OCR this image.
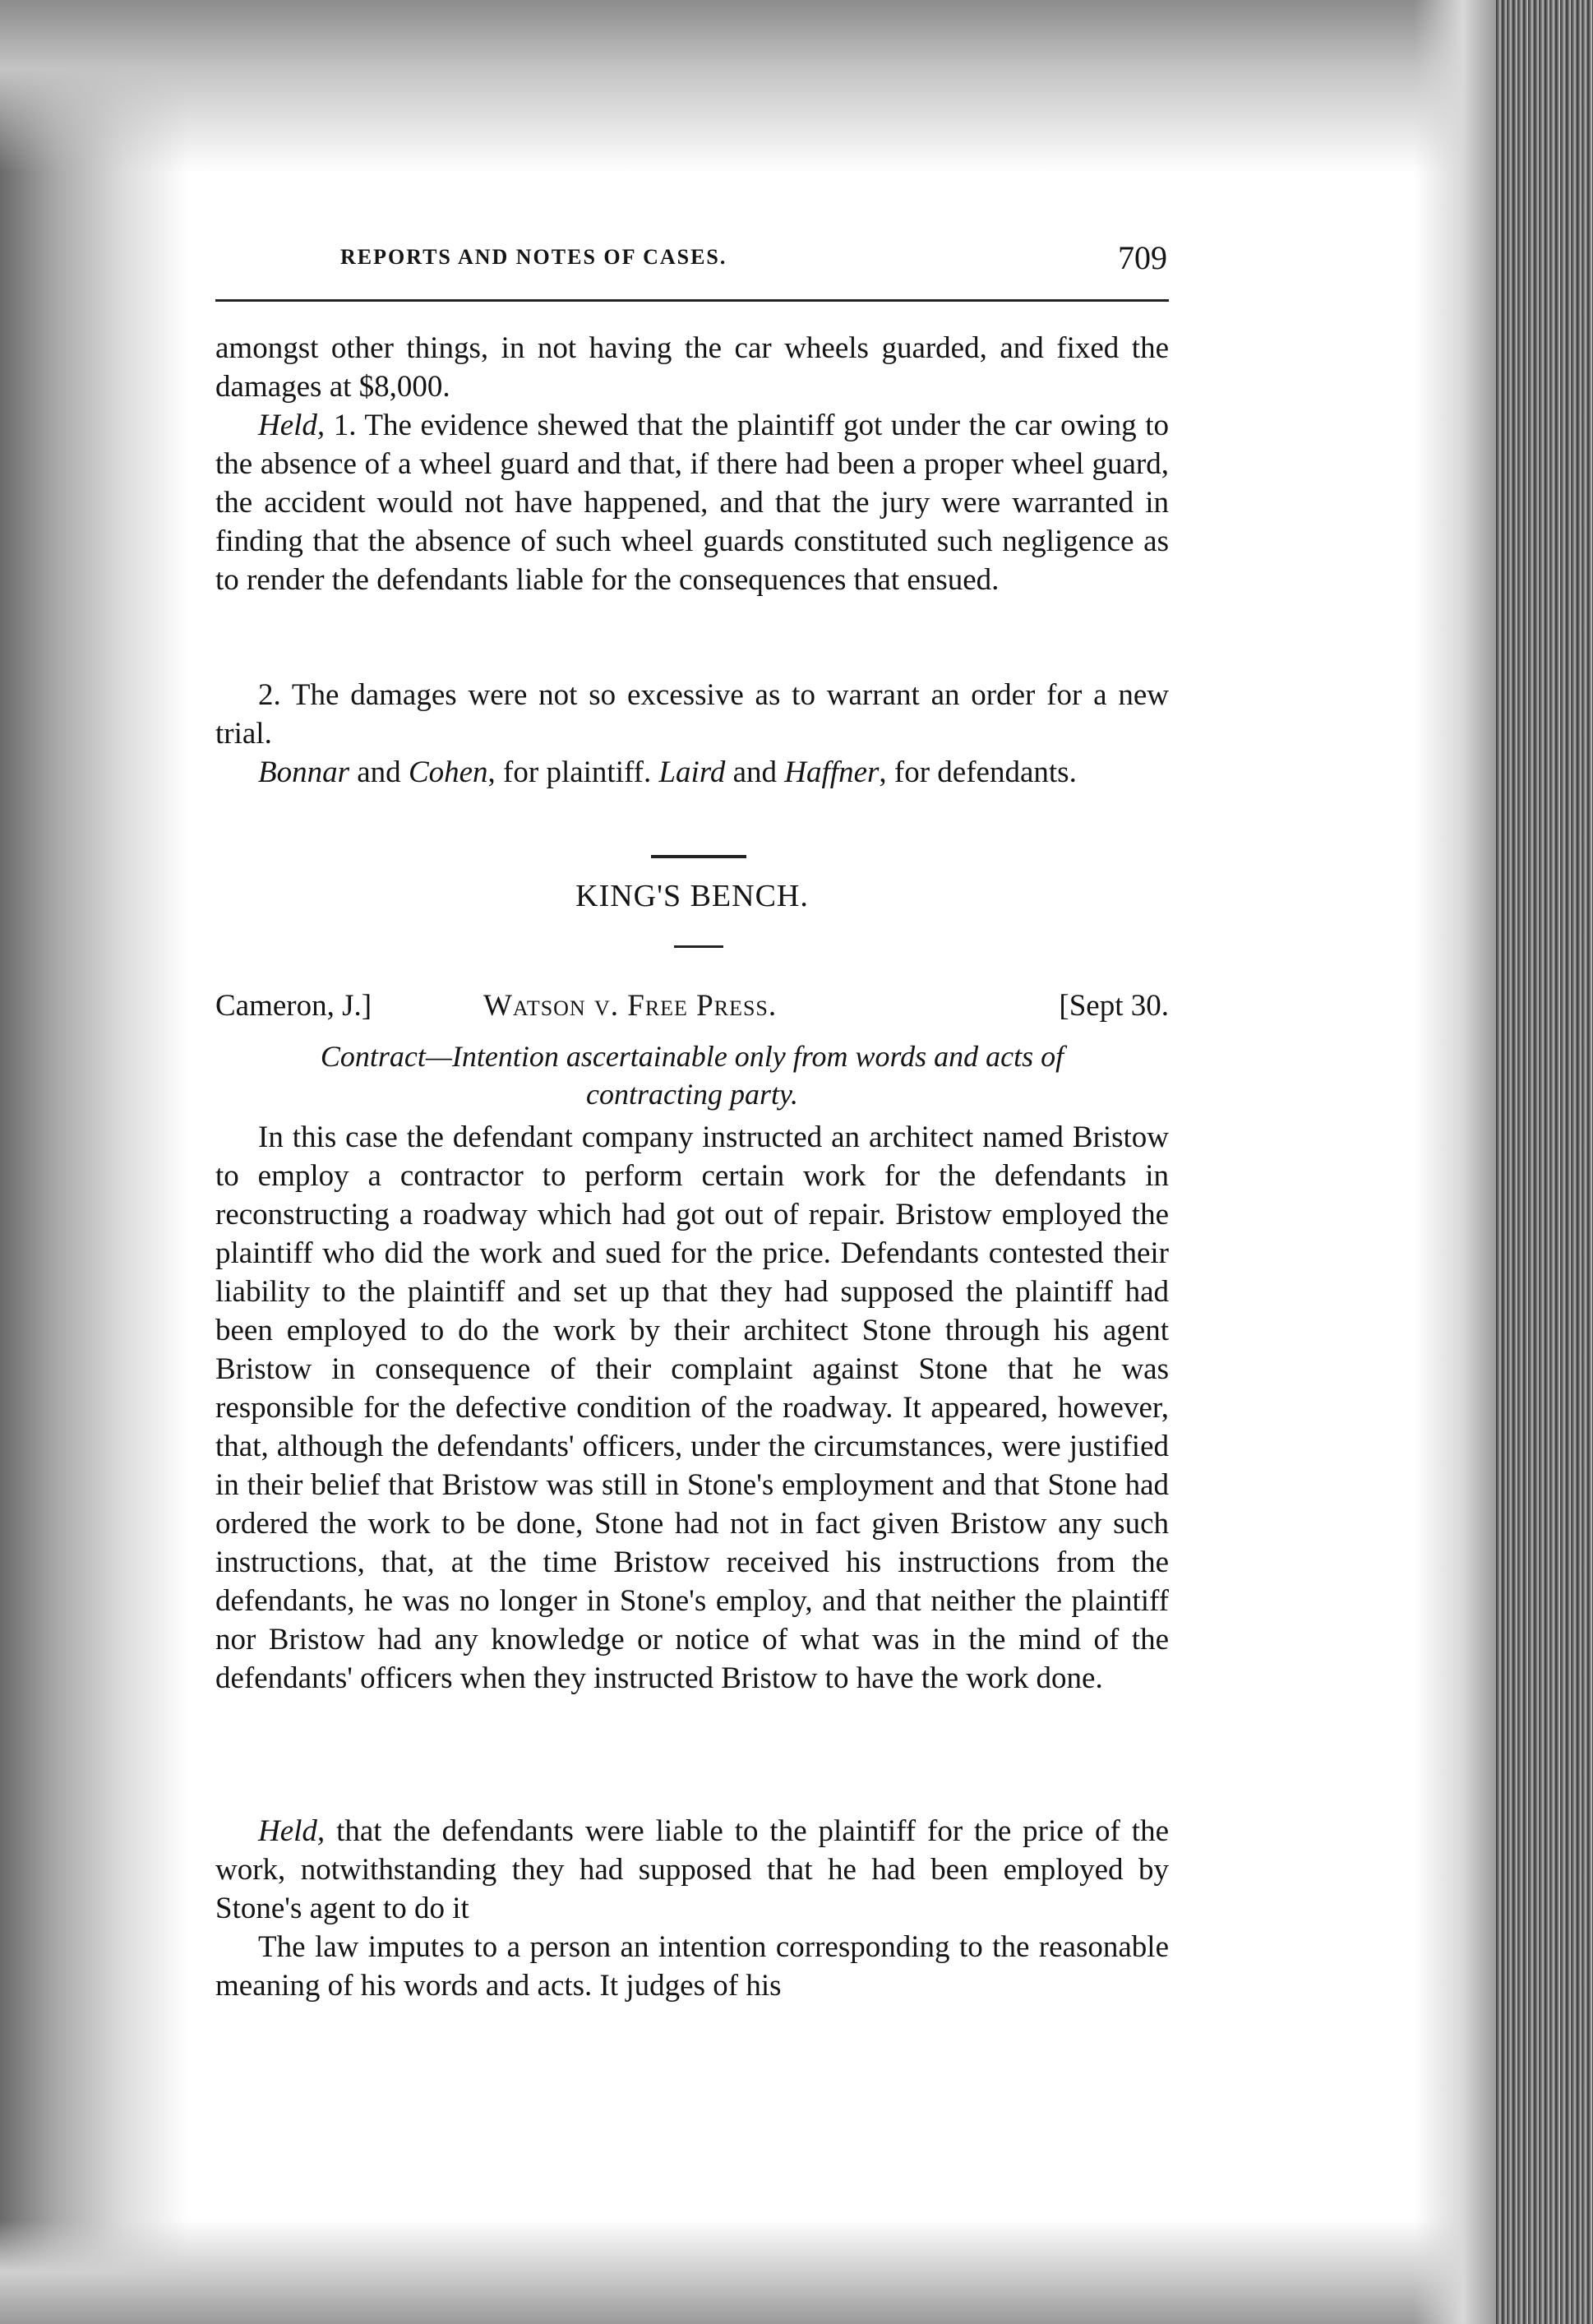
REPORTS AND NOTES OF CASES.	709

amongst other things, in not having the car wheels guarded, and fixed the damages at $8,000.

Held, 1. The evidence shewed that the plaintiff got under the car owing to the absence of a wheel guard and that, if there had been a proper wheel guard, the accident would not have happened, and that the jury were warranted in finding that the absence of such wheel guards constituted such negligence as to render the defendants liable for the consequences that ensued.

2. The damages were not so excessive as to warrant an order for a new trial.

Bonnar and Cohen, for plaintiff. Laird and Haffner, for defendants.

KING'S BENCH.
Cameron, J.]	Watson v. Free Press.	[Sept 30.

Contract—Intention ascertainable only from words and acts of
contracting party.

In this case the defendant company instructed an architect named Bristow to employ a contractor to perform certain work for the defendants in reconstructing a roadway which had got out of repair. Bristow employed the plaintiff who did the work and sued for the price. Defendants contested their liability to the plaintiff and set up that they had supposed the plaintiff had been employed to do the work by their architect Stone through his agent Bristow in consequence of their complaint against Stone that he was responsible for the defective condition of the roadway. It appeared, however, that, although the defendants' officers, under the circumstances, were justified in their belief that Bristow was still in Stone's employment and that Stone had ordered the work to be done, Stone had not in fact given Bristow any such instructions, that, at the time Bristow received his instructions from the defendants, he was no longer in Stone's employ, and that neither the plaintiff nor Bristow had any knowledge or notice of what was in the mind of the defendants' officers when they instructed Bristow to have the work done.

Held, that the defendants were liable to the plaintiff for the price of the work, notwithstanding they had supposed that he had been employed by Stone's agent to do it

The law imputes to a person an intention corresponding to the reasonable meaning of his words and acts. It judges of his
